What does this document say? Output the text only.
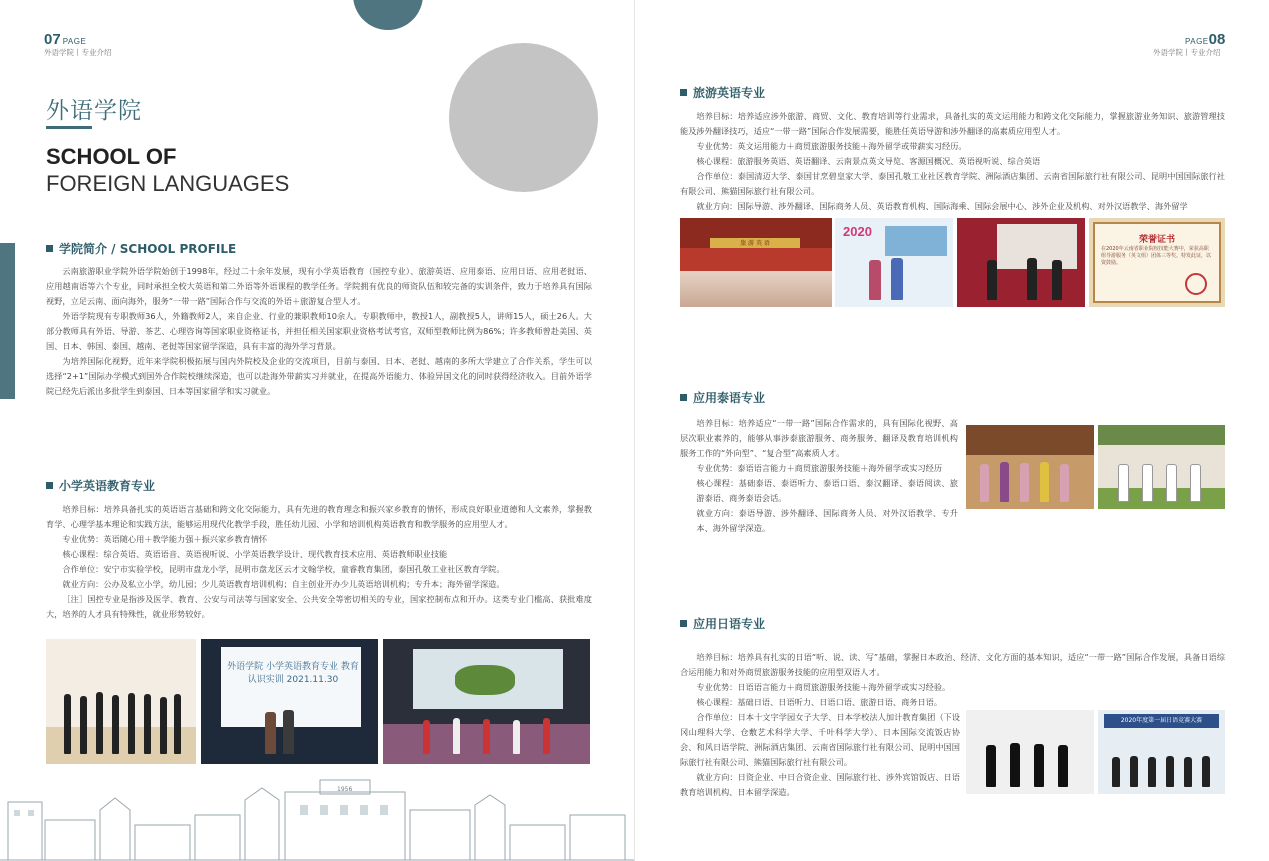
07 PAGE
外语学院丨专业介绍
外语学院
SCHOOL OF
FOREIGN LANGUAGES
学院简介 / SCHOOL PROFILE

云南旅游职业学院外语学院始创于1998年，经过二十余年发展，现有小学英语教育（国控专业）、旅游英语、应用泰语、应用日语、应用老挝语、应用越南语等六个专业，同时承担全校大英语和第二外语等外语课程的教学任务。学院拥有优良的师资队伍和较完备的实训条件，致力于培养具有国际视野，立足云南、面向海外，服务“一带一路”国际合作与交流的外语＋旅游复合型人才。

外语学院现有专职教师36人，外籍教师2人，来自企业、行业的兼职教师10余人。专职教师中，教授1人，副教授5人，讲师15人，硕士26人。大部分教师具有外语、导游、茶艺、心理咨询等国家职业资格证书，并担任相关国家职业资格考试考官，双师型教师比例为86%；许多教师曾赴美国、英国、日本、韩国、泰国、越南、老挝等国家留学深造，具有丰富的海外学习背景。

为培养国际化视野，近年来学院积极拓展与国内外院校及企业的交流项目，目前与泰国、日本、老挝、越南的多所大学建立了合作关系，学生可以选择“2+1”国际办学模式到国外合作院校继续深造，也可以赴海外带薪实习并就业，在提高外语能力、体验异国文化的同时获得经济收入。目前外语学院已经先后派出多批学生到泰国、日本等国家留学和实习就业。

小学英语教育专业

培养目标：培养具备扎实的英语语言基础和跨文化交际能力，具有先进的教育理念和振兴家乡教育的情怀，形成良好职业道德和人文素养，掌握教育学、心理学基本理论和实践方法，能够运用现代化教学手段，胜任幼儿园、小学和培训机构英语教育和教学服务的应用型人才。

专业优势：英语随心用＋教学能力强＋振兴家乡教育情怀

核心课程：综合英语、英语语音、英语视听说、小学英语教学设计、现代教育技术应用、英语教师职业技能

合作单位：安宁市实验学校，昆明市盘龙小学，昆明市盘龙区云才文翰学校，童睿教育集团，泰国孔敬工业社区教育学院。

就业方向：公办及私立小学，幼儿园；少儿英语教育培训机构；自主创业开办少儿英语培训机构；专升本；海外留学深造。

［注］国控专业是指涉及医学、教育、公安与司法等与国家安全、公共安全等密切相关的专业，国家控制布点和开办。这类专业门槛高、获批难度大，培养的人才具有特殊性，就业形势较好。

外语学院 小学英语教育专业 教育认识实训 2021.11.30
1956
PAGE08
外语学院丨专业介绍
旅游英语专业

培养目标：培养适应涉外旅游、商贸、文化、教育培训等行业需求，具备扎实的英文运用能力和跨文化交际能力，掌握旅游业务知识、旅游管理技能及涉外翻译技巧，适应“一带一路”国际合作发展需要，能胜任英语导游和涉外翻译的高素质应用型人才。

专业优势：英文运用能力＋商贸旅游服务技能＋海外留学或带薪实习经历。

核心课程：旅游服务英语、英语翻译、云南景点英文导览、客源国概况、英语视听说、综合英语

合作单位：泰国清迈大学、泰国甘烹碧皇家大学、泰国孔敬工业社区教育学院、洲际酒店集团、云南省国际旅行社有限公司、昆明中国国际旅行社有限公司、熊猫国际旅行社有限公司。

就业方向：国际导游、涉外翻译、国际商务人员、英语教育机构、国际海乘、国际会展中心、涉外企业及机构、对外汉语教学、海外留学

旅 游 英 语
2020
荣誉证书
在2020年云南省职业院校技能大赛中，荣获高职组导游服务（英文组）团体三等奖。特发此证，以资鼓励。
应用泰语专业

培养目标：培养适应“一带一路”国际合作需求的，具有国际化视野、高层次职业素养的，能够从事涉泰旅游服务、商务服务、翻译及教育培训机构服务工作的“外向型”、“复合型”高素质人才。

专业优势：泰语语言能力＋商贸旅游服务技能＋海外留学或实习经历

核心课程：基础泰语、泰语听力、泰语口语、泰汉翻译、泰语阅读、旅游泰语、商务泰语会话。

就业方向：泰语导游、涉外翻译、国际商务人员、对外汉语教学、专升本、海外留学深造。

应用日语专业

培养目标：培养具有扎实的日语“听、说、读、写”基础，掌握日本政治、经济、文化方面的基本知识，适应“一带一路”国际合作发展，具备日语综合运用能力和对外商贸旅游服务技能的应用型双语人才。

专业优势：日语语言能力＋商贸旅游服务技能＋海外留学或实习经验。

核心课程：基础日语、日语听力、日语口语、旅游日语、商务日语。

合作单位：日本十文字学园女子大学、日本学校法人加计教育集团（下设冈山理科大学、仓敷艺术科学大学、千叶科学大学）、日本国际交流饭店协会、和风日语学院、洲际酒店集团、云南省国际旅行社有限公司、昆明中国国际旅行社有限公司、熊猫国际旅行社有限公司。

就业方向：日资企业、中日合资企业、国际旅行社、涉外宾馆饭店、日语教育培训机构、日本留学深造。

2020年度第一届日语竞赛大赛
